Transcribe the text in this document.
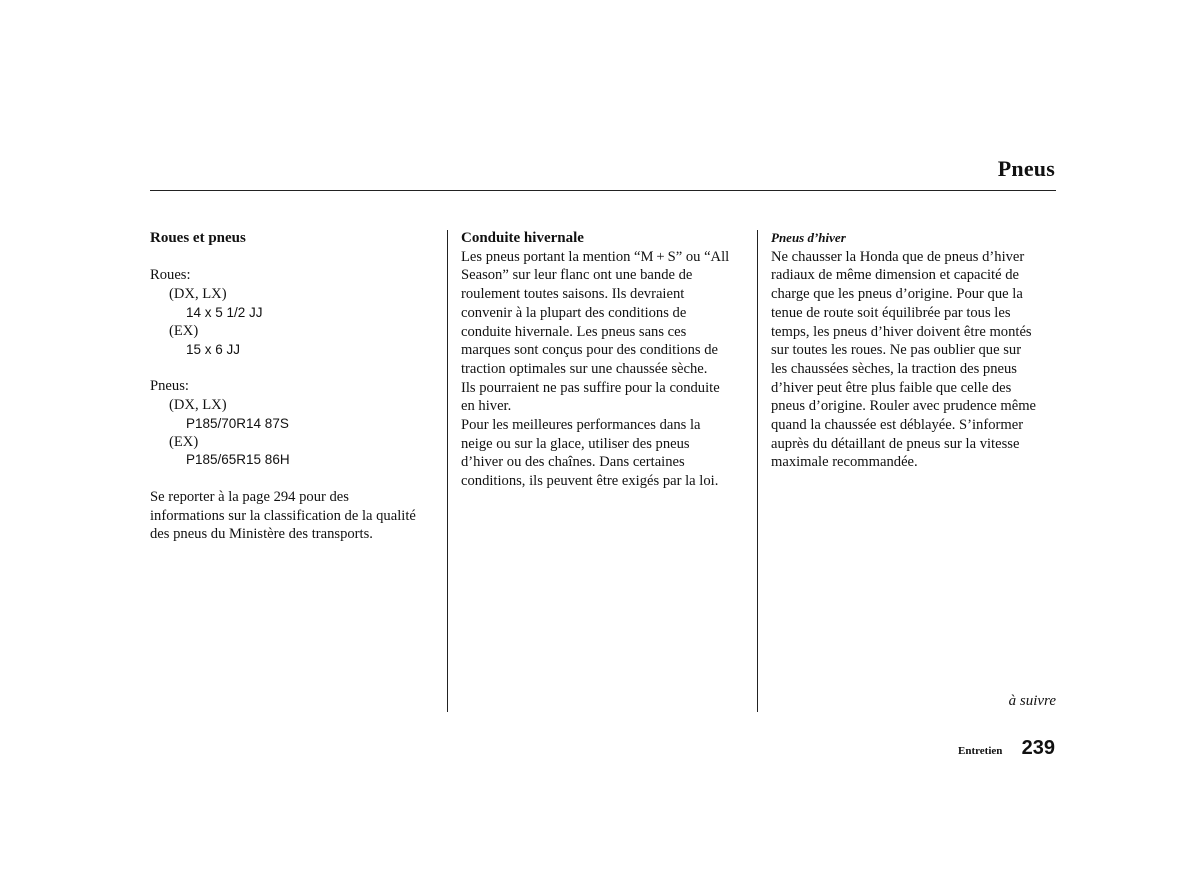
Pneus
Roues et pneus
Roues:
(DX, LX)
14 x 5 1/2 JJ
(EX)
15 x 6 JJ
Pneus:
(DX, LX)
P185/70R14 87S
(EX)
P185/65R15 86H
Se reporter à la page 294 pour des
informations sur la classification de la qualité
des pneus du Ministère des transports.
Conduite hivernale
Les pneus portant la mention “M + S” ou “All
Season” sur leur flanc ont une bande de
roulement toutes saisons. Ils devraient
convenir à la plupart des conditions de
conduite hivernale. Les pneus sans ces
marques sont conçus pour des conditions de
traction optimales sur une chaussée sèche.
Ils pourraient ne pas suffire pour la conduite
en hiver.
Pour les meilleures performances dans la
neige ou sur la glace, utiliser des pneus
d’hiver ou des chaînes. Dans certaines
conditions, ils peuvent être exigés par la loi.
Pneus d’hiver
Ne chausser la Honda que de pneus d’hiver
radiaux de même dimension et capacité de
charge que les pneus d’origine. Pour que la
tenue de route soit équilibrée par tous les
temps, les pneus d’hiver doivent être montés
sur toutes les roues. Ne pas oublier que sur
les chaussées sèches, la traction des pneus
d’hiver peut être plus faible que celle des
pneus d’origine. Rouler avec prudence même
quand la chaussée est déblayée. S’informer
auprès du détaillant de pneus sur la vitesse
maximale recommandée.
à suivre
Entretien 239
